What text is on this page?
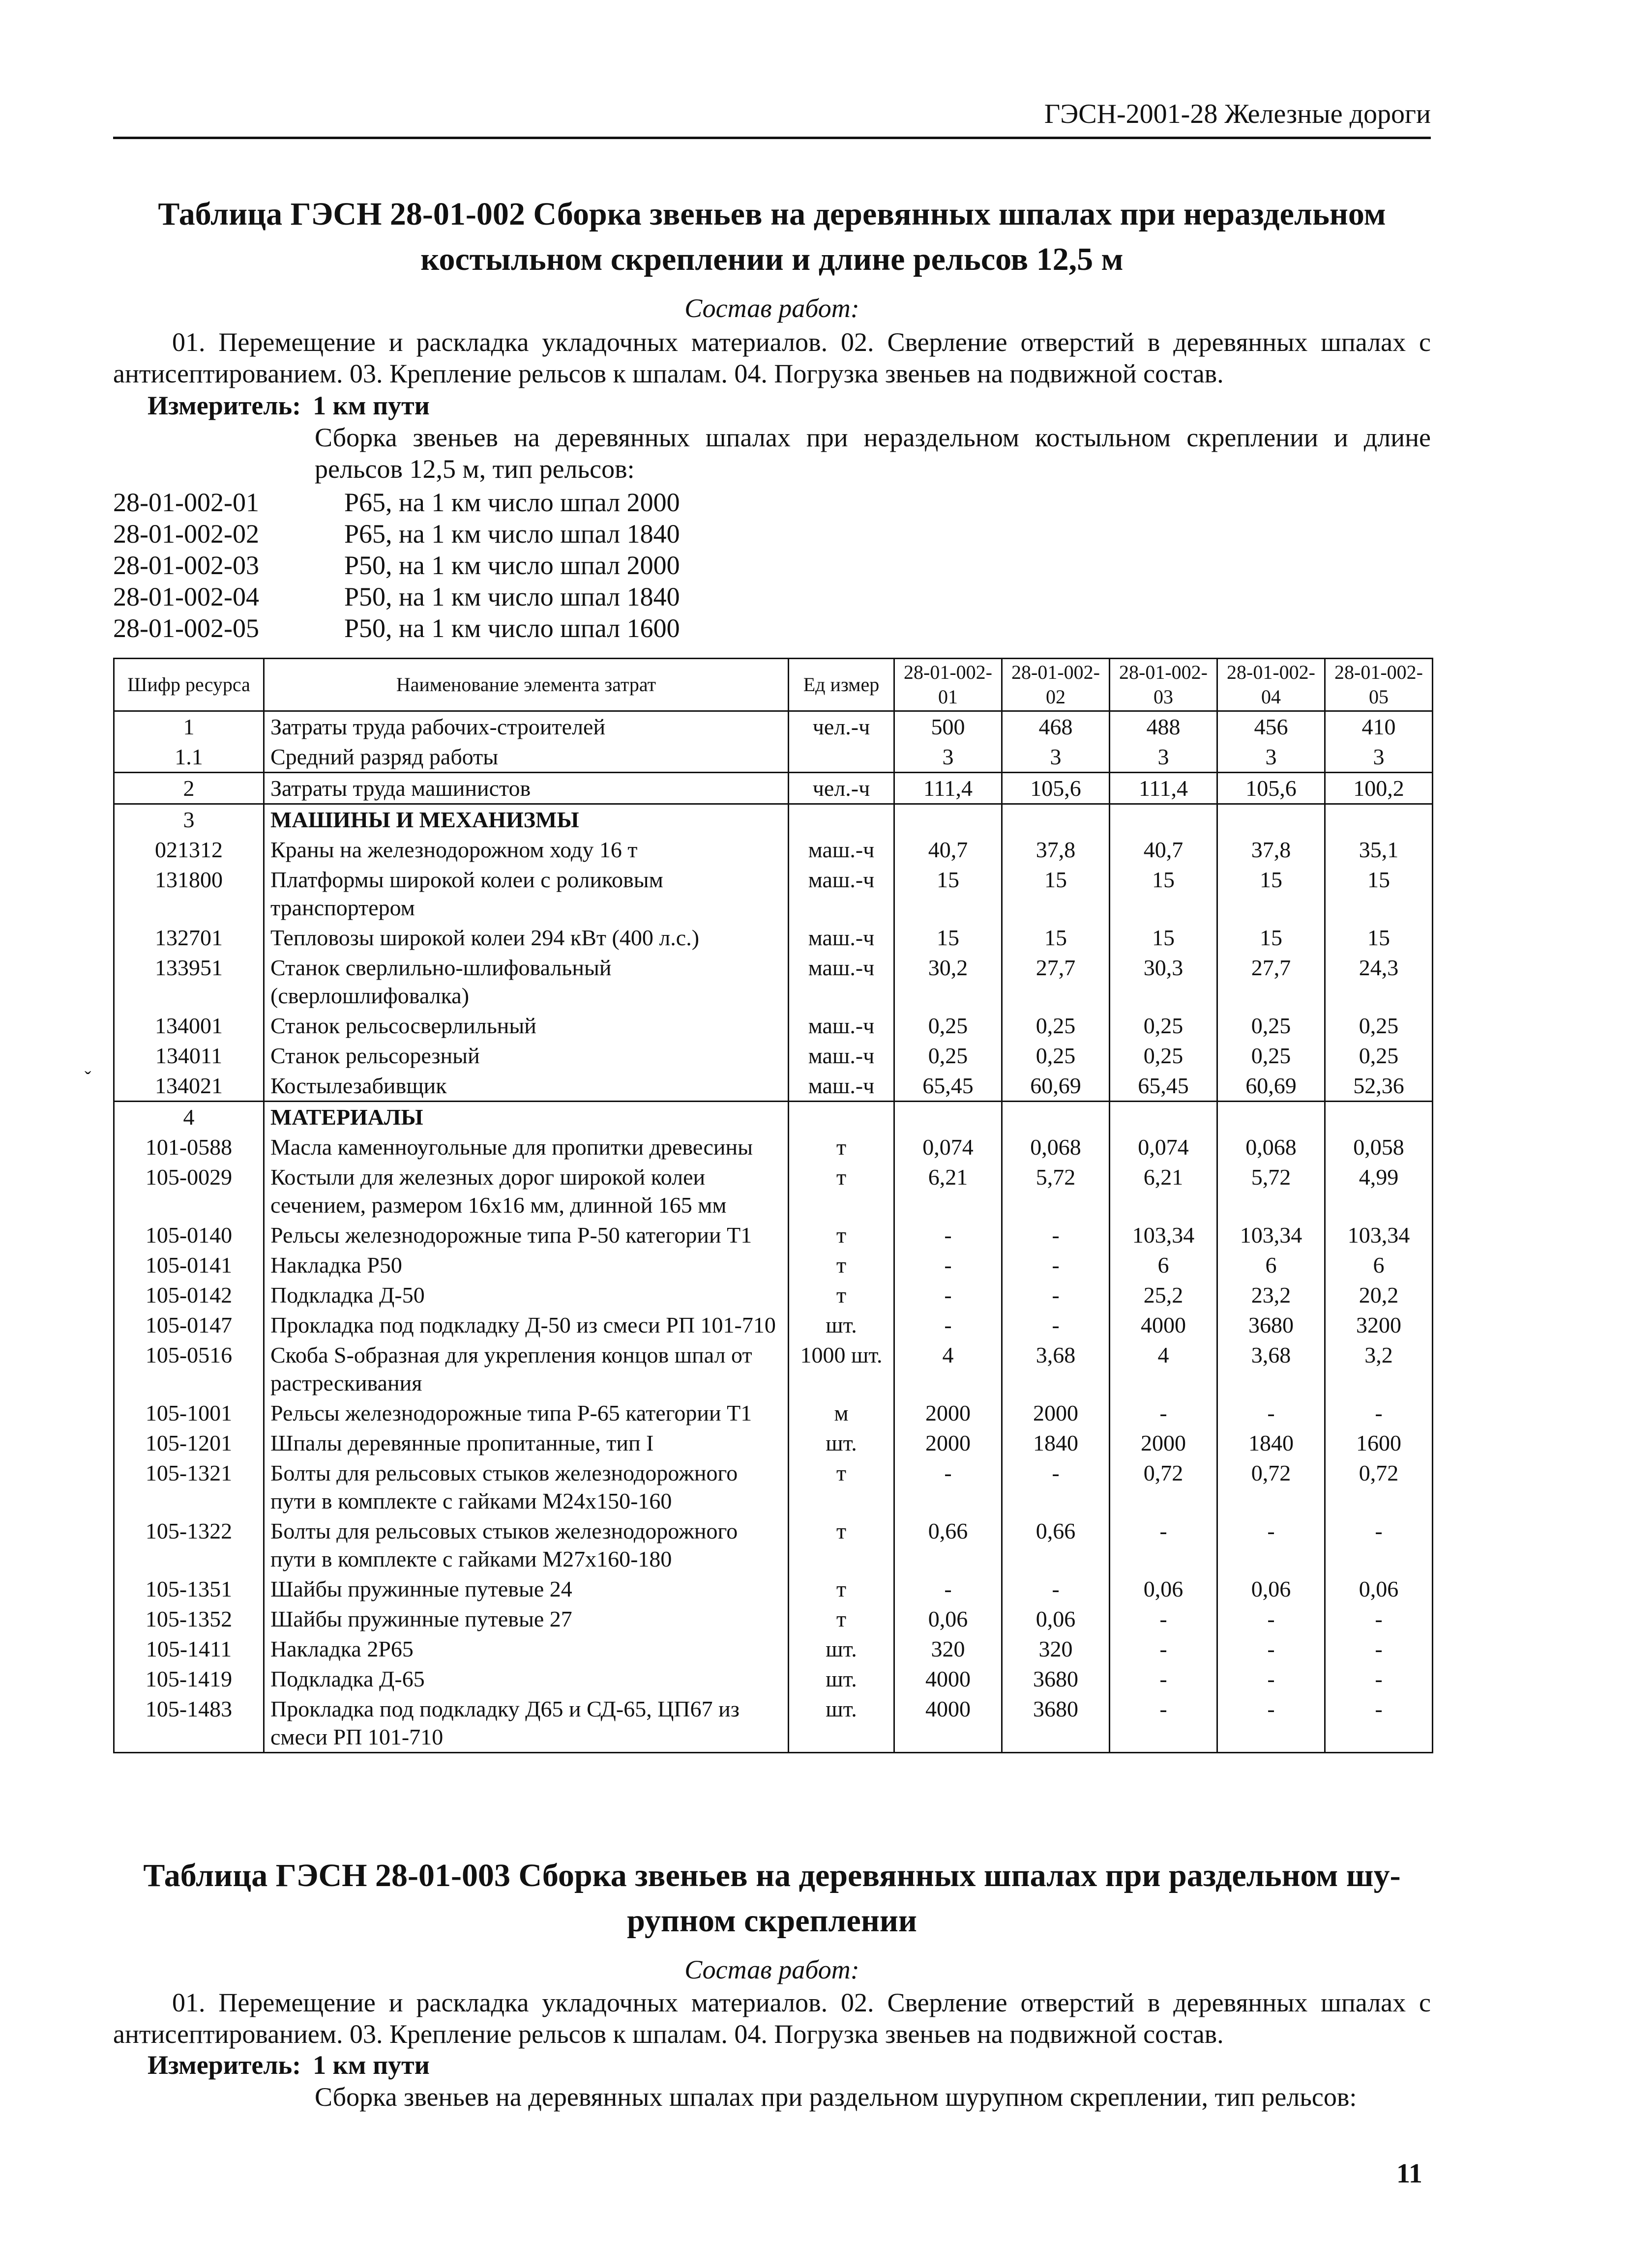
ГЭСН-2001-28 Железные дороги
Таблица ГЭСН 28-01-002 Сборка звеньев на деревянных шпалах при нераздельном
костыльном скреплении и длине рельсов 12,5 м
Состав работ:
01. Перемещение и раскладка укладочных материалов. 02. Сверление отверстий в деревянных шпалах с антисептированием. 03. Крепление рельсов к шпалам. 04. Погрузка звеньев на подвижной состав.
Измеритель: 1 км пути
Сборка звеньев на деревянных шпалах при нераздельном костыльном скреплении и длине рельсов 12,5 м, тип рельсов:
28-01-002-01	Р65, на 1 км число шпал 2000
28-01-002-02	Р65, на 1 км число шпал 1840
28-01-002-03	Р50, на 1 км число шпал 2000
28-01-002-04	Р50, на 1 км число шпал 1840
28-01-002-05	Р50, на 1 км число шпал 1600
Шифр ресурса	Наименование элемента затрат	Ед измер	28-01-002-01	28-01-002-02	28-01-002-03	28-01-002-04	28-01-002-05
1	Затраты труда рабочих-строителей	чел.-ч	500	468	488	456	410
1.1	Средний разряд работы		3	3	3	3	3
2	Затраты труда машинистов	чел.-ч	111,4	105,6	111,4	105,6	100,2
3	МАШИНЫ И МЕХАНИЗМЫ						
021312	Краны на железнодорожном ходу 16 т	маш.-ч	40,7	37,8	40,7	37,8	35,1
131800	Платформы широкой колеи с роликовым транспортером	маш.-ч	15	15	15	15	15
132701	Тепловозы широкой колеи 294 кВт (400 л.с.)	маш.-ч	15	15	15	15	15
133951	Станок сверлильно-шлифовальный (сверлошлифовалка)	маш.-ч	30,2	27,7	30,3	27,7	24,3
134001	Станок рельсосверлильный	маш.-ч	0,25	0,25	0,25	0,25	0,25
134011	Станок рельсорезный	маш.-ч	0,25	0,25	0,25	0,25	0,25
134021	Костылезабивщик	маш.-ч	65,45	60,69	65,45	60,69	52,36
4	МАТЕРИАЛЫ						
101-0588	Масла каменноугольные для пропитки древесины	т	0,074	0,068	0,074	0,068	0,058
105-0029	Костыли для железных дорог широкой колеи сечением, размером 16х16 мм, длинной 165 мм	т	6,21	5,72	6,21	5,72	4,99
105-0140	Рельсы железнодорожные типа Р-50 категории Т1	т	-	-	103,34	103,34	103,34
105-0141	Накладка Р50	т	-	-	6	6	6
105-0142	Подкладка Д-50	т	-	-	25,2	23,2	20,2
105-0147	Прокладка под подкладку Д-50 из смеси РП 101-710	шт.	-	-	4000	3680	3200
105-0516	Скоба S-образная для укрепления концов шпал от растрескивания	1000 шт.	4	3,68	4	3,68	3,2
105-1001	Рельсы железнодорожные типа Р-65 категории Т1	м	2000	2000	-	-	-
105-1201	Шпалы деревянные пропитанные, тип I	шт.	2000	1840	2000	1840	1600
105-1321	Болты для рельсовых стыков железнодорожного пути в комплекте с гайками М24х150-160	т	-	-	0,72	0,72	0,72
105-1322	Болты для рельсовых стыков железнодорожного пути в комплекте с гайками М27х160-180	т	0,66	0,66	-	-	-
105-1351	Шайбы пружинные путевые 24	т	-	-	0,06	0,06	0,06
105-1352	Шайбы пружинные путевые 27	т	0,06	0,06	-	-	-
105-1411	Накладка 2Р65	шт.	320	320	-	-	-
105-1419	Подкладка Д-65	шт.	4000	3680	-	-	-
105-1483	Прокладка под подкладку Д65 и СД-65, ЦП67 из смеси РП 101-710	шт.	4000	3680	-	-	-
ˇ
Таблица ГЭСН 28-01-003 Сборка звеньев на деревянных шпалах при раздельном шу-
рупном скреплении
Состав работ:
01. Перемещение и раскладка укладочных материалов. 02. Сверление отверстий в деревянных шпалах с антисептированием. 03. Крепление рельсов к шпалам. 04. Погрузка звеньев на подвижной состав.
Измеритель: 1 км пути
Сборка звеньев на деревянных шпалах при раздельном шурупном скреплении, тип рельсов:
11
